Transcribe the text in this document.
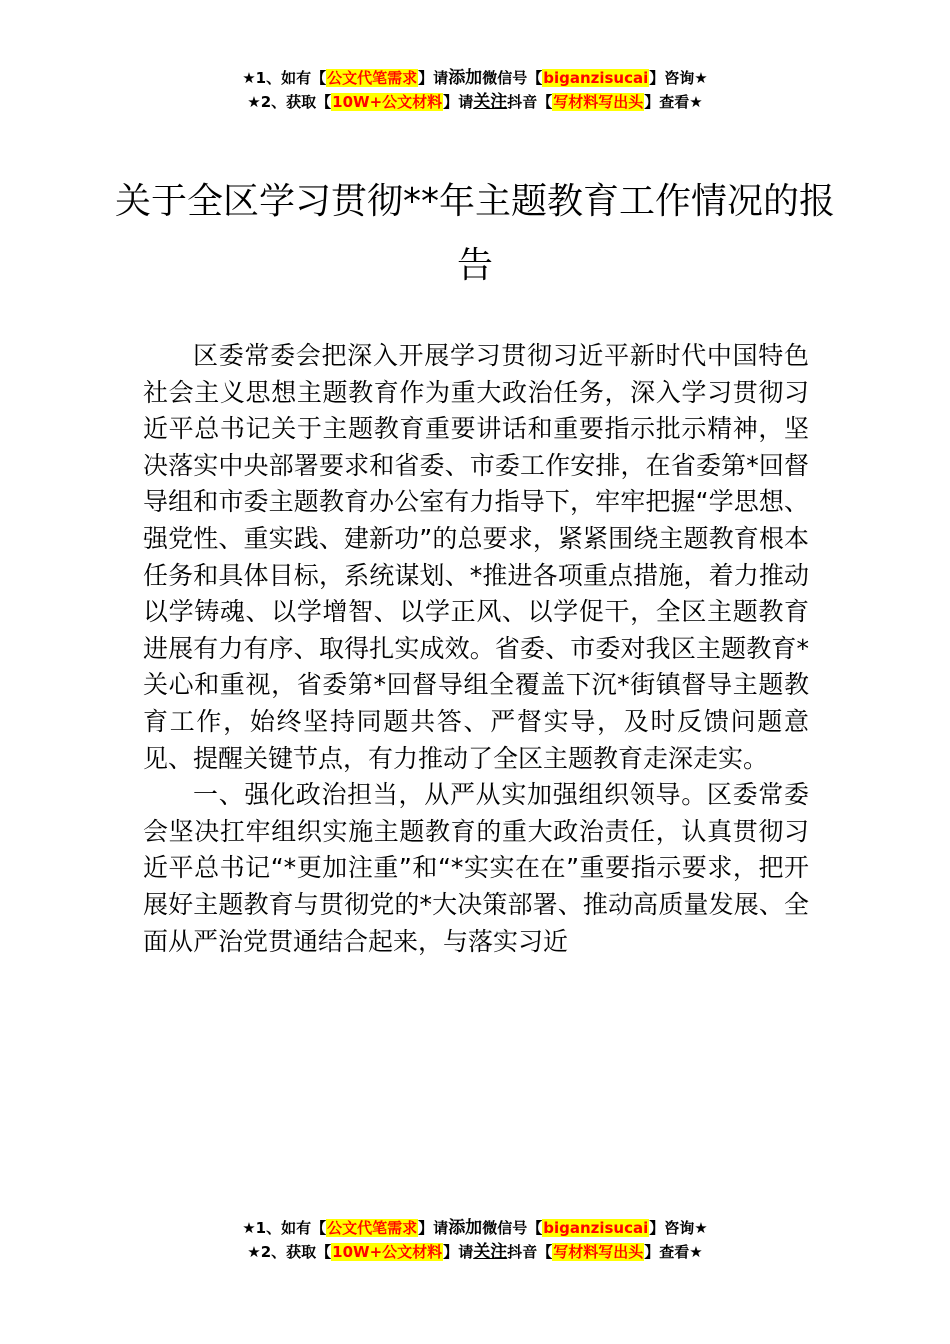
★1、如有【公文代笔需求】请添加微信号【biganzisucai】咨询★
★2、获取【10W+公文材料】请关注抖音【写材料写出头】查看★
关于全区学习贯彻**年主题教育工作情况的报告

区委常委会把深入开展学习贯彻习近平新时代中国特色社会主义思想主题教育作为重大政治任务，深入学习贯彻习近平总书记关于主题教育重要讲话和重要指示批示精神，坚决落实中央部署要求和省委、市委工作安排，在省委第*回督导组和市委主题教育办公室有力指导下，牢牢把握“学思想、强党性、重实践、建新功”的总要求，紧紧围绕主题教育根本任务和具体目标，系统谋划、*推进各项重点措施，着力推动以学铸魂、以学增智、以学正风、以学促干，全区主题教育进展有力有序、取得扎实成效。省委、市委对我区主题教育*关心和重视，省委第*回督导组全覆盖下沉*街镇督导主题教育工作，始终坚持同题共答、严督实导，及时反馈问题意见、提醒关键节点，有力推动了全区主题教育走深走实。

一、强化政治担当，从严从实加强组织领导。区委常委会坚决扛牢组织实施主题教育的重大政治责任，认真贯彻习近平总书记“*更加注重”和“*实实在在”重要指示要求，把开展好主题教育与贯彻党的*大决策部署、推动高质量发展、全面从严治党贯通结合起来，与落实习近

★1、如有【公文代笔需求】请添加微信号【biganzisucai】咨询★
★2、获取【10W+公文材料】请关注抖音【写材料写出头】查看★
